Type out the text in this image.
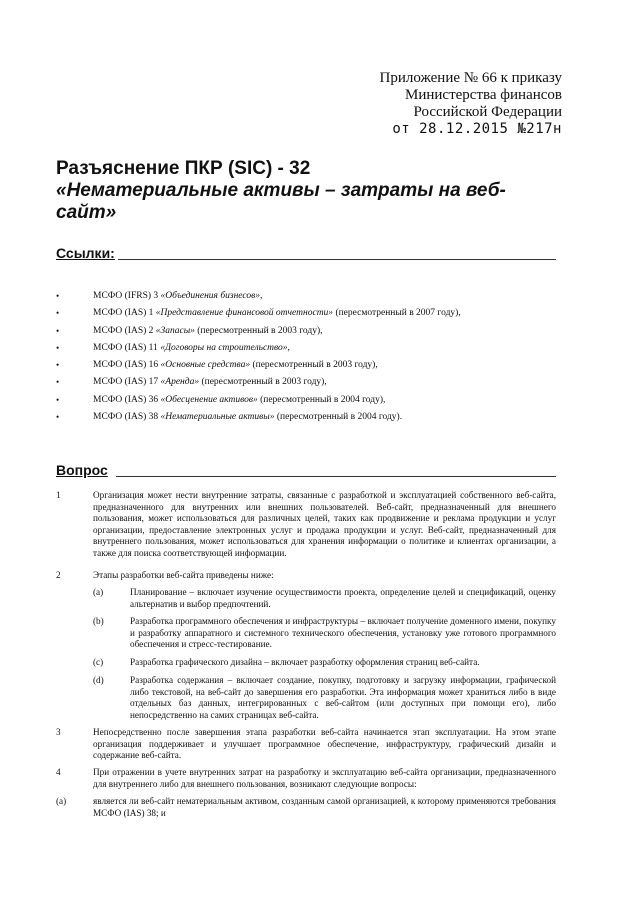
Приложение № 66 к приказу
Министерства финансов
Российской Федерации
от 28.12.2015 №217н
Разъяснение ПКР (SIC) - 32
«Нематериальные активы – затраты на веб-сайт»
Ссылки:
•	МСФО (IFRS) 3 «Объединения бизнесов»,
•	МСФО (IAS) 1 «Представление финансовой отчетности» (пересмотренный в 2007 году),
•	МСФО (IAS) 2 «Запасы» (пересмотренный в 2003 году),
•	МСФО (IAS) 11 «Договоры на строительство»,
•	МСФО (IAS) 16 «Основные средства» (пересмотренный в 2003 году),
•	МСФО (IAS) 17 «Аренда» (пересмотренный в 2003 году),
•	МСФО (IAS) 36 «Обесценение активов» (пересмотренный в 2004 году),
•	МСФО (IAS) 38 «Нематериальные активы» (пересмотренный в 2004 году).
Вопрос
1	Организация может нести внутренние затраты, связанные с разработкой и эксплуатацией собственного веб-сайта, предназначенного для внутренних или внешних пользователей. Веб-сайт, предназначенный для внешнего пользования, может использоваться для различных целей, таких как продвижение и реклама продукции и услуг организации, предоставление электронных услуг и продажа продукции и услуг. Веб-сайт, предназначенный для внутреннего пользования, может использоваться для хранения информации о политике и клиентах организации, а также для поиска соответствующей информации.
2	Этапы разработки веб-сайта приведены ниже:
(a)	Планирование – включает изучение осуществимости проекта, определение целей и спецификаций, оценку альтернатив и выбор предпочтений.
(b)	Разработка программного обеспечения и инфраструктуры – включает получение доменного имени, покупку и разработку аппаратного и системного технического обеспечения, установку уже готового программного обеспечения и стресс-тестирование.
(c)	Разработка графического дизайна – включает разработку оформления страниц веб-сайта.
(d)	Разработка содержания – включает создание, покупку, подготовку и загрузку информации, графической либо текстовой, на веб-сайт до завершения его разработки. Эта информация может храниться либо в виде отдельных баз данных, интегрированных с веб-сайтом (или доступных при помощи его), либо непосредственно на самих страницах веб-сайта.
3	Непосредственно после завершения этапа разработки веб-сайта начинается этап эксплуатации. На этом этапе организация поддерживает и улучшает программное обеспечение, инфраструктуру, графический дизайн и содержание веб-сайта.
4	При отражении в учете внутренних затрат на разработку и эксплуатацию веб-сайта организации, предназначенного для внутреннего либо для внешнего пользования, возникают следующие вопросы:
(a)	является ли веб-сайт нематериальным активом, созданным самой организацией, к которому применяются требования МСФО (IAS) 38; и
